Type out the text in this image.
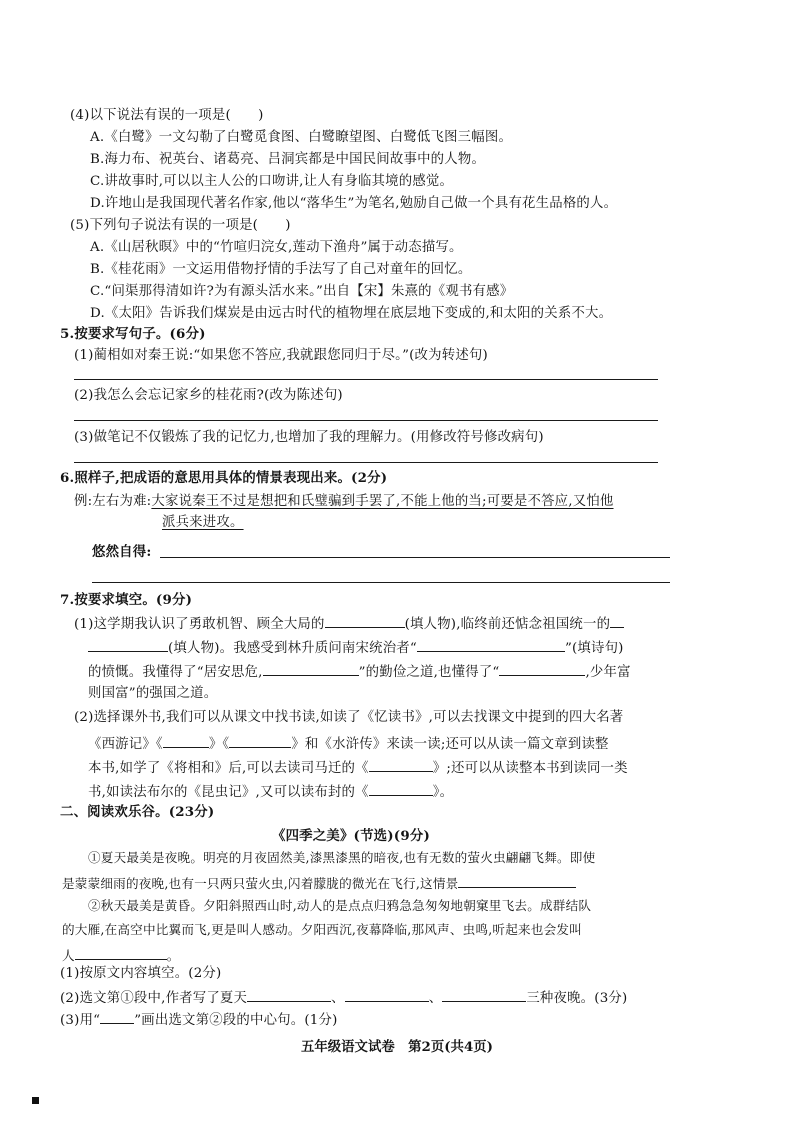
(4)以下说法有误的一项是(　　)
A.《白鹭》一文勾勒了白鹭觅食图、白鹭瞭望图、白鹭低飞图三幅图。
B.海力布、祝英台、诸葛亮、吕洞宾都是中国民间故事中的人物。
C.讲故事时,可以以主人公的口吻讲,让人有身临其境的感觉。
D.许地山是我国现代著名作家,他以“落华生”为笔名,勉励自己做一个具有花生品格的人。
(5)下列句子说法有误的一项是(　　)
A.《山居秋暝》中的“竹喧归浣女,莲动下渔舟”属于动态描写。
B.《桂花雨》一文运用借物抒情的手法写了自己对童年的回忆。
C.“问渠那得清如许?为有源头活水来。”出自【宋】朱熹的《观书有感》
D.《太阳》告诉我们煤炭是由远古时代的植物埋在底层地下变成的,和太阳的关系不大。
5.按要求写句子。(6分)
(1)蔺相如对秦王说:“如果您不答应,我就跟您同归于尽。”(改为转述句)
(2)我怎么会忘记家乡的桂花雨?(改为陈述句)
(3)做笔记不仅锻炼了我的记忆力,也增加了我的理解力。(用修改符号修改病句)
6.照样子,把成语的意思用具体的情景表现出来。(2分)
例:左右为难:大家说秦王不过是想把和氏璧骗到手罢了,不能上他的当;可要是不答应,又怕他
派兵来进攻。
悠然自得:
7.按要求填空。(9分)
(1)这学期我认识了勇敢机智、顾全大局的	(填人物),临终前还惦念祖国统一的
(填人物)。我感受到林升质问南宋统治者“	”(填诗句)
的愤慨。我懂得了“居安思危,	”的勤俭之道,也懂得了“	,少年富
则国富”的强国之道。
(2)选择课外书,我们可以从课文中找书读,如读了《忆读书》,可以去找课文中提到的四大名著
《西游记》《	》《	》和《水浒传》来读一读;还可以从读一篇文章到读整
本书,如学了《将相和》后,可以去读司马迁的《	》;还可以从读整本书到读同一类
书,如读法布尔的《昆虫记》,又可以读布封的《	》。
二、阅读欢乐谷。(23分)
《四季之美》(节选)(9分)
①夏天最美是夜晚。明亮的月夜固然美,漆黑漆黑的暗夜,也有无数的萤火虫翩翩飞舞。即使
是蒙蒙细雨的夜晚,也有一只两只萤火虫,闪着朦胧的微光在飞行,这情景
②秋天最美是黄昏。夕阳斜照西山时,动人的是点点归鸦急急匆匆地朝窠里飞去。成群结队
的大雁,在高空中比翼而飞,更是叫人感动。夕阳西沉,夜幕降临,那风声、虫鸣,听起来也会发叫
人	。
(1)按原文内容填空。(2分)
(2)选文第①段中,作者写了夏天	、	、	三种夜晚。(3分)
(3)用“	”画出选文第②段的中心句。(1分)
五年级语文试卷　第2页(共4页)
